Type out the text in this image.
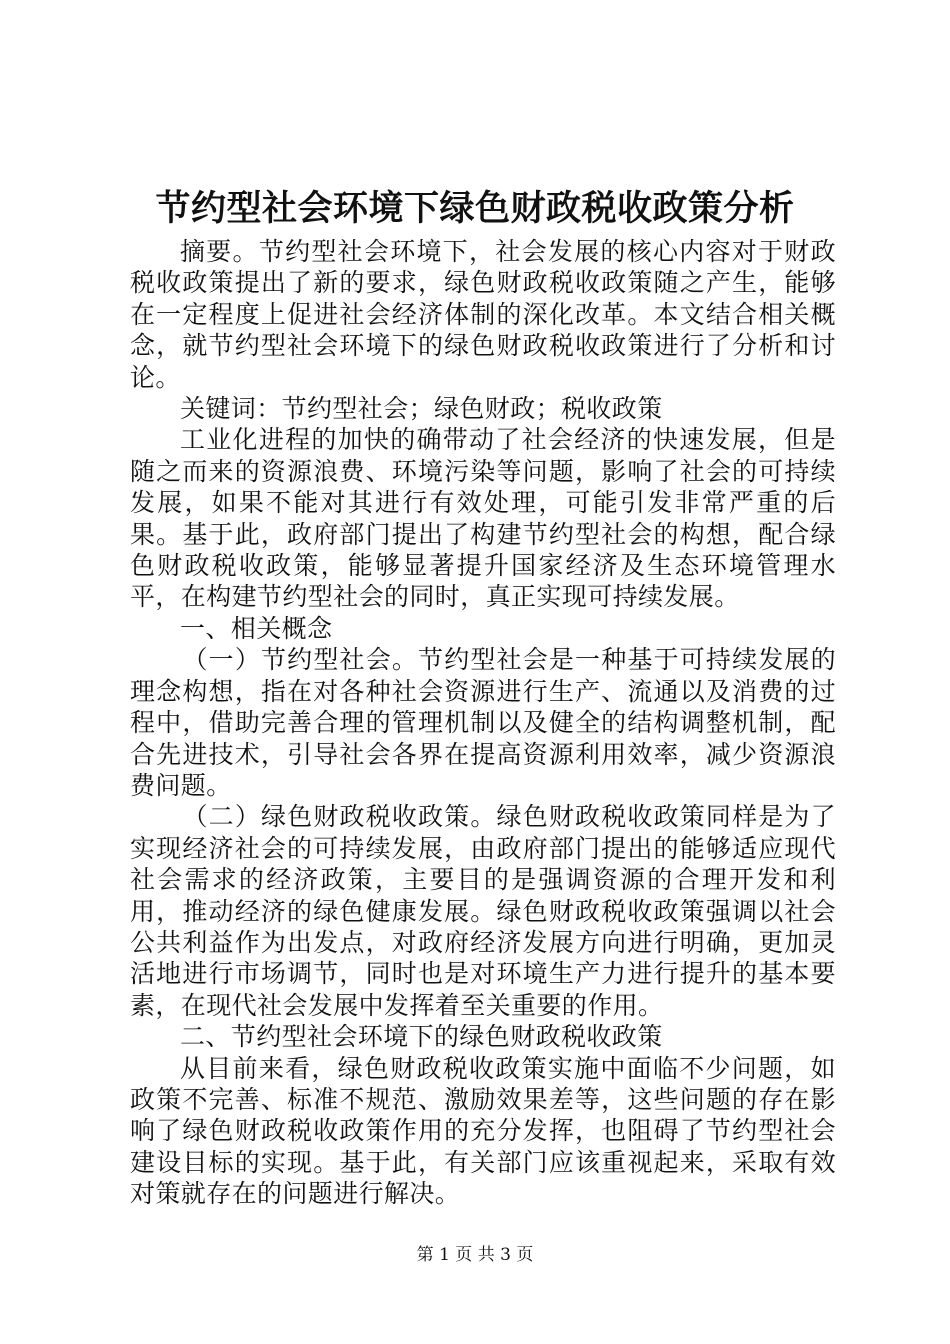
节约型社会环境下绿色财政税收政策分析

摘要。节约型社会环境下，社会发展的核心内容对于财政税收政策提出了新的要求，绿色财政税收政策随之产生，能够在一定程度上促进社会经济体制的深化改革。本文结合相关概念，就节约型社会环境下的绿色财政税收政策进行了分析和讨论。

关键词：节约型社会；绿色财政；税收政策

工业化进程的加快的确带动了社会经济的快速发展，但是随之而来的资源浪费、环境污染等问题，影响了社会的可持续发展，如果不能对其进行有效处理，可能引发非常严重的后果。基于此，政府部门提出了构建节约型社会的构想，配合绿色财政税收政策，能够显著提升国家经济及生态环境管理水平，在构建节约型社会的同时，真正实现可持续发展。

一、相关概念

（一）节约型社会。节约型社会是一种基于可持续发展的理念构想，指在对各种社会资源进行生产、流通以及消费的过程中，借助完善合理的管理机制以及健全的结构调整机制，配合先进技术，引导社会各界在提高资源利用效率，减少资源浪费问题。

（二）绿色财政税收政策。绿色财政税收政策同样是为了实现经济社会的可持续发展，由政府部门提出的能够适应现代社会需求的经济政策，主要目的是强调资源的合理开发和利用，推动经济的绿色健康发展。绿色财政税收政策强调以社会公共利益作为出发点，对政府经济发展方向进行明确，更加灵活地进行市场调节，同时也是对环境生产力进行提升的基本要素，在现代社会发展中发挥着至关重要的作用。

二、节约型社会环境下的绿色财政税收政策

从目前来看，绿色财政税收政策实施中面临不少问题，如政策不完善、标准不规范、激励效果差等，这些问题的存在影响了绿色财政税收政策作用的充分发挥，也阻碍了节约型社会建设目标的实现。基于此，有关部门应该重视起来，采取有效对策就存在的问题进行解决。

第 1 页 共 3 页
